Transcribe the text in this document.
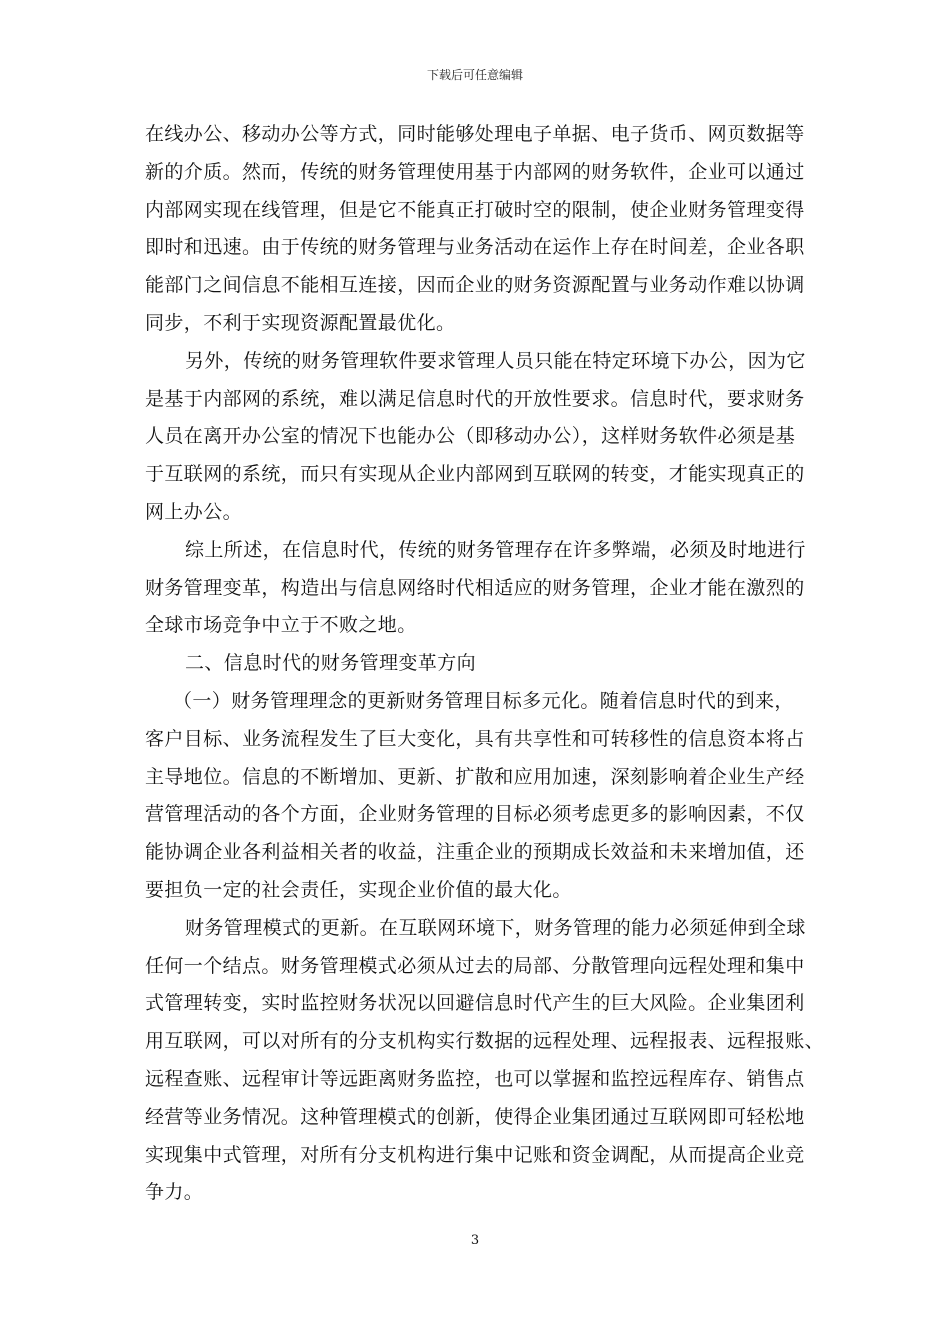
下载后可任意编辑

在线办公、移动办公等方式，同时能够处理电子单据、电子货币、网页数据等
新的介质。然而，传统的财务管理使用基于内部网的财务软件，企业可以通过
内部网实现在线管理，但是它不能真正打破时空的限制，使企业财务管理变得
即时和迅速。由于传统的财务管理与业务活动在运作上存在时间差，企业各职
能部门之间信息不能相互连接，因而企业的财务资源配置与业务动作难以协调
同步，不利于实现资源配置最优化。

另外，传统的财务管理软件要求管理人员只能在特定环境下办公，因为它
是基于内部网的系统，难以满足信息时代的开放性要求。信息时代，要求财务
人员在离开办公室的情况下也能办公（即移动办公），这样财务软件必须是基
于互联网的系统，而只有实现从企业内部网到互联网的转变，才能实现真正的
网上办公。

综上所述，在信息时代，传统的财务管理存在许多弊端，必须及时地进行
财务管理变革，构造出与信息网络时代相适应的财务管理，企业才能在激烈的
全球市场竞争中立于不败之地。

二、信息时代的财务管理变革方向

（一）财务管理理念的更新财务管理目标多元化。随着信息时代的到来，
客户目标、业务流程发生了巨大变化，具有共享性和可转移性的信息资本将占
主导地位。信息的不断增加、更新、扩散和应用加速，深刻影响着企业生产经
营管理活动的各个方面，企业财务管理的目标必须考虑更多的影响因素，不仅
能协调企业各利益相关者的收益，注重企业的预期成长效益和未来增加值，还
要担负一定的社会责任，实现企业价值的最大化。

财务管理模式的更新。在互联网环境下，财务管理的能力必须延伸到全球
任何一个结点。财务管理模式必须从过去的局部、分散管理向远程处理和集中
式管理转变，实时监控财务状况以回避信息时代产生的巨大风险。企业集团利
用互联网，可以对所有的分支机构实行数据的远程处理、远程报表、远程报账、
远程查账、远程审计等远距离财务监控，也可以掌握和监控远程库存、销售点
经营等业务情况。这种管理模式的创新，使得企业集团通过互联网即可轻松地
实现集中式管理，对所有分支机构进行集中记账和资金调配，从而提高企业竞
争力。

3
